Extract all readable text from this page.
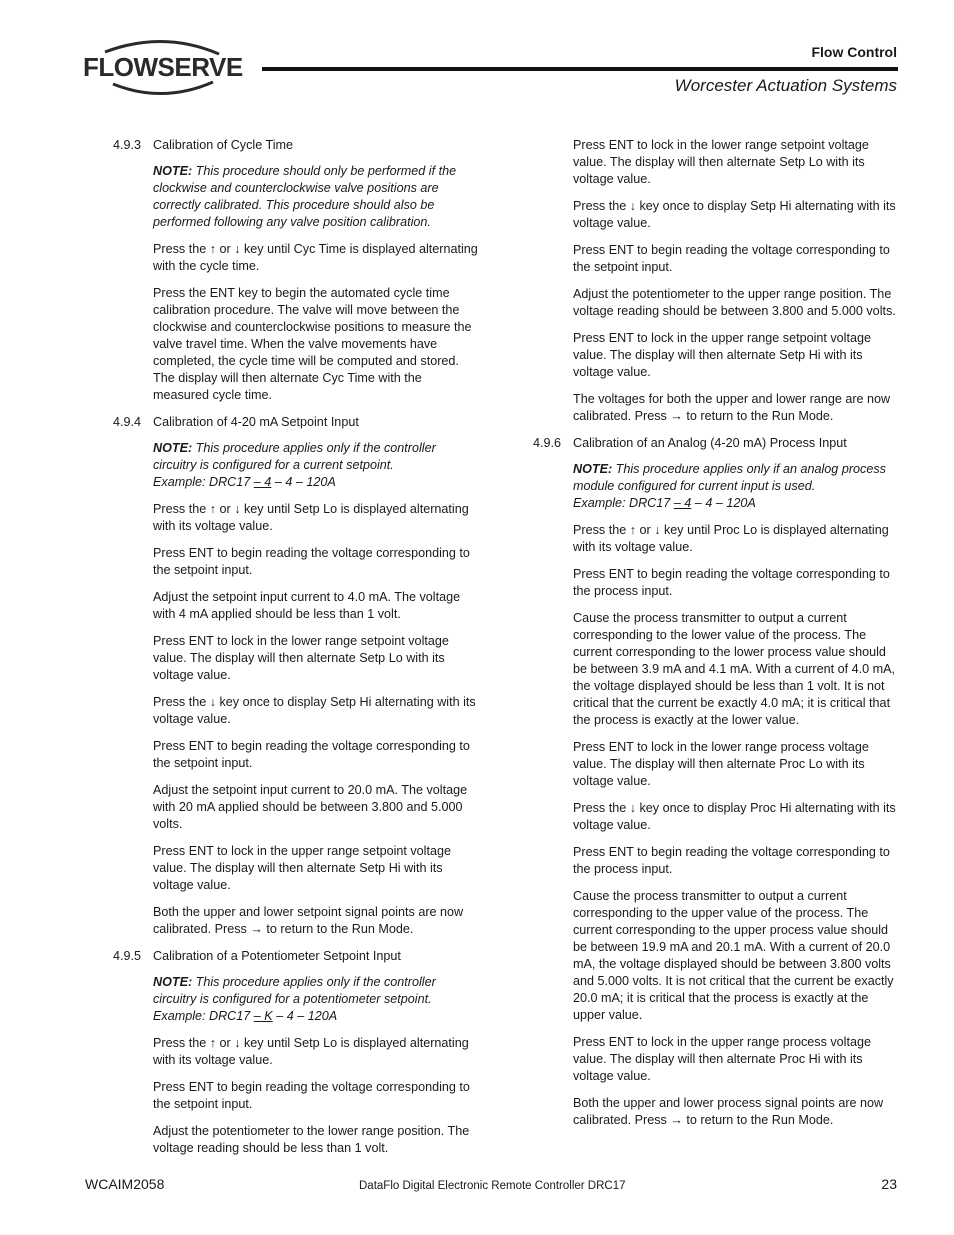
FLOWSERVE	Flow Control
Worcester Actuation Systems
4.9.3 Calibration of Cycle Time
NOTE: This procedure should only be performed if the clockwise and counterclockwise valve positions are correctly calibrated. This procedure should also be performed following any valve position calibration.
Press the ↑ or ↓ key until Cyc Time is displayed alternating with the cycle time.
Press the ENT key to begin the automated cycle time calibration procedure. The valve will move between the clockwise and counterclockwise positions to measure the valve travel time. When the valve movements have completed, the cycle time will be computed and stored. The display will then alternate Cyc Time with the measured cycle time.
4.9.4 Calibration of 4-20 mA Setpoint Input
NOTE: This procedure applies only if the controller circuitry is configured for a current setpoint.
Example: DRC17 – 4 – 4 – 120A
Press the ↑ or ↓ key until Setp Lo is displayed alternating with its voltage value.
Press ENT to begin reading the voltage corresponding to the setpoint input.
Adjust the setpoint input current to 4.0 mA. The voltage with 4 mA applied should be less than 1 volt.
Press ENT to lock in the lower range setpoint voltage value. The display will then alternate Setp Lo with its voltage value.
Press the ↓ key once to display Setp Hi alternating with its voltage value.
Press ENT to begin reading the voltage corresponding to the setpoint input.
Adjust the setpoint input current to 20.0 mA. The voltage with 20 mA applied should be between 3.800 and 5.000 volts.
Press ENT to lock in the upper range setpoint voltage value. The display will then alternate Setp Hi with its voltage value.
Both the upper and lower setpoint signal points are now calibrated. Press → to return to the Run Mode.
4.9.5 Calibration of a Potentiometer Setpoint Input
NOTE: This procedure applies only if the controller circuitry is configured for a potentiometer setpoint.
Example: DRC17 – K – 4 – 120A
Press the ↑ or ↓ key until Setp Lo is displayed alternating with its voltage value.
Press ENT to begin reading the voltage corresponding to the setpoint input.
Adjust the potentiometer to the lower range position. The voltage reading should be less than 1 volt.
Press ENT to lock in the lower range setpoint voltage value. The display will then alternate Setp Lo with its voltage value.
Press the ↓ key once to display Setp Hi alternating with its voltage value.
Press ENT to begin reading the voltage corresponding to the setpoint input.
Adjust the potentiometer to the upper range position. The voltage reading should be between 3.800 and 5.000 volts.
Press ENT to lock in the upper range setpoint voltage value. The display will then alternate Setp Hi with its voltage value.
The voltages for both the upper and lower range are now calibrated. Press → to return to the Run Mode.
4.9.6 Calibration of an Analog (4-20 mA) Process Input
NOTE: This procedure applies only if an analog process module configured for current input is used.
Example: DRC17 – 4 – 4 – 120A
Press the ↑ or ↓ key until Proc Lo is displayed alternating with its voltage value.
Press ENT to begin reading the voltage corresponding to the process input.
Cause the process transmitter to output a current corresponding to the lower value of the process. The current corresponding to the lower process value should be between 3.9 mA and 4.1 mA. With a current of 4.0 mA, the voltage displayed should be less than 1 volt. It is not critical that the current be exactly 4.0 mA; it is critical that the process is exactly at the lower value.
Press ENT to lock in the lower range process voltage value. The display will then alternate Proc Lo with its voltage value.
Press the ↓ key once to display Proc Hi alternating with its voltage value.
Press ENT to begin reading the voltage corresponding to the process input.
Cause the process transmitter to output a current corresponding to the upper value of the process. The current corresponding to the upper process value should be between 19.9 mA and 20.1 mA. With a current of 20.0 mA, the voltage displayed should be between 3.800 volts and 5.000 volts. It is not critical that the current be exactly 20.0 mA; it is critical that the process is exactly at the upper value.
Press ENT to lock in the upper range process voltage value. The display will then alternate Proc Hi with its voltage value.
Both the upper and lower process signal points are now calibrated. Press → to return to the Run Mode.
WCAIM2058	DataFlo Digital Electronic Remote Controller DRC17	23
